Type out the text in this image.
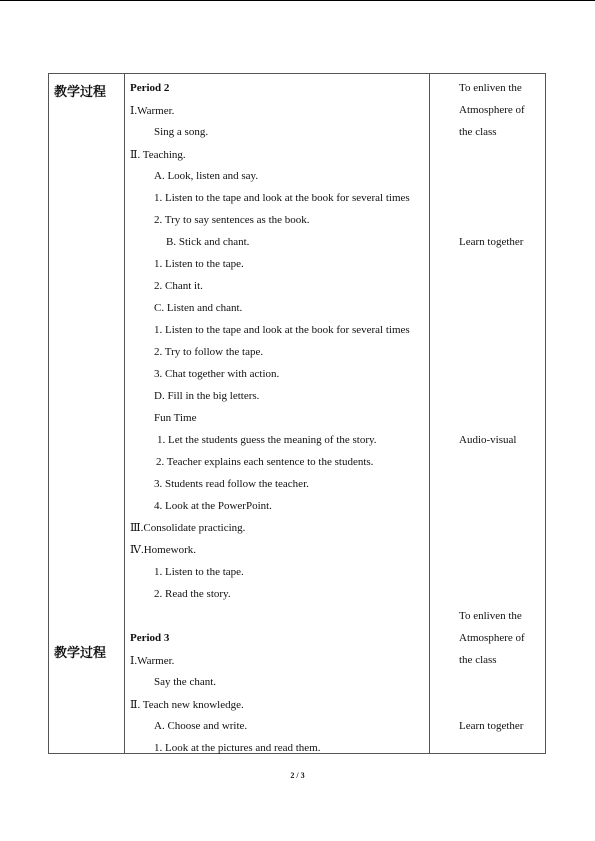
教学过程
教学过程
Period 2
Ⅰ.Warmer.
Sing a song.
Ⅱ. Teaching.
A. Look, listen and say.
1. Listen to the tape and look at the book for several times
2. Try to say sentences as the book.
B. Stick and chant.
1. Listen to the tape.
2. Chant it.
C. Listen and chant.
1. Listen to the tape and look at the book for several times
2. Try to follow the tape.
3. Chat together with action.
D. Fill in the big letters.
Fun Time
1. Let the students guess the meaning of the story.
2. Teacher explains each sentence to the students.
3. Students read follow the teacher.
4. Look at the PowerPoint.
Ⅲ.Consolidate practicing.
Ⅳ.Homework.
1. Listen to the tape.
2. Read the story.
Period 3
Ⅰ.Warmer.
Say the chant.
Ⅱ. Teach new knowledge.
A. Choose and write.
1. Look at the pictures and read them.
To enliven the
Atmosphere of
the class
Learn together
Audio-visual
To enliven the
Atmosphere of
the class
Learn together
2 / 3
